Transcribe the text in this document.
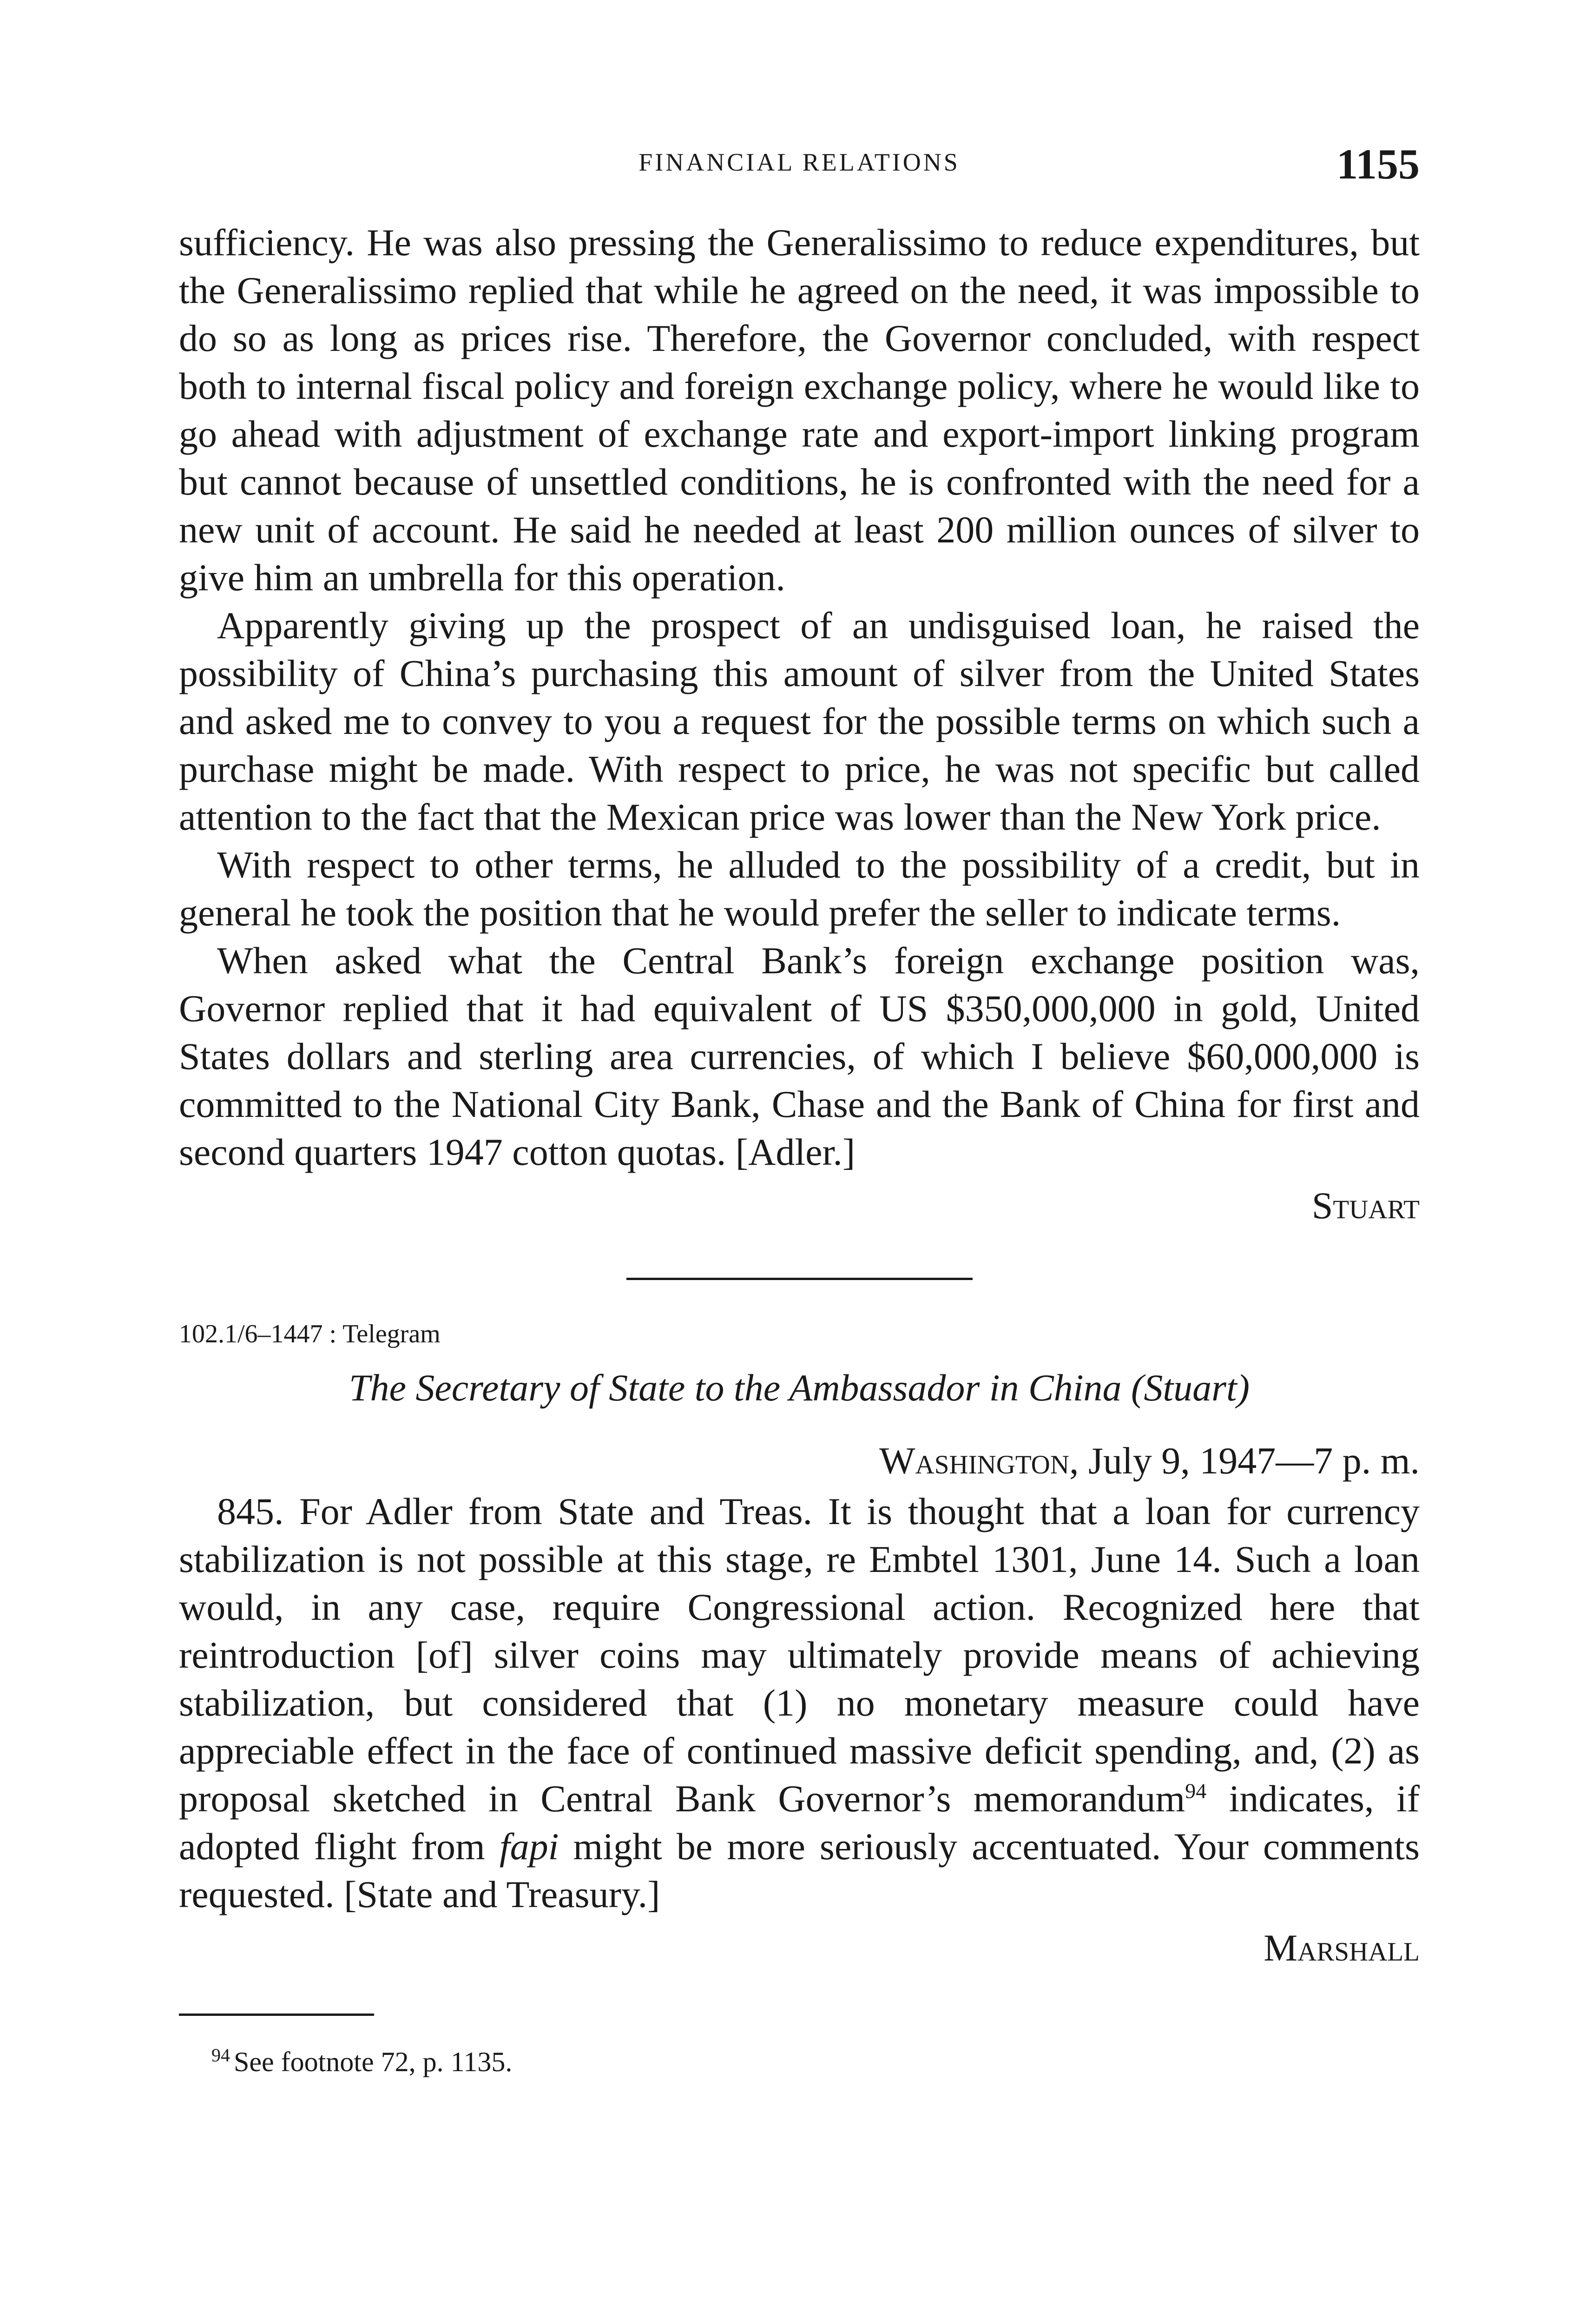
FINANCIAL RELATIONS	1155

sufficiency. He was also pressing the Generalissimo to reduce expenditures, but the Generalissimo replied that while he agreed on the need, it was impossible to do so as long as prices rise. Therefore, the Governor concluded, with respect both to internal fiscal policy and foreign exchange policy, where he would like to go ahead with adjustment of exchange rate and export-import linking program but cannot because of unsettled conditions, he is confronted with the need for a new unit of account. He said he needed at least 200 million ounces of silver to give him an umbrella for this operation.

Apparently giving up the prospect of an undisguised loan, he raised the possibility of China’s purchasing this amount of silver from the United States and asked me to convey to you a request for the possible terms on which such a purchase might be made. With respect to price, he was not specific but called attention to the fact that the Mexican price was lower than the New York price.

With respect to other terms, he alluded to the possibility of a credit, but in general he took the position that he would prefer the seller to indicate terms.

When asked what the Central Bank’s foreign exchange position was, Governor replied that it had equivalent of US $350,000,000 in gold, United States dollars and sterling area currencies, of which I believe $60,000,000 is committed to the National City Bank, Chase and the Bank of China for first and second quarters 1947 cotton quotas. [Adler.]

Stuart
102.1/6–1447 : Telegram
The Secretary of State to the Ambassador in China (Stuart)
Washington, July 9, 1947—7 p. m.

845. For Adler from State and Treas. It is thought that a loan for currency stabilization is not possible at this stage, re Embtel 1301, June 14. Such a loan would, in any case, require Congressional action. Recognized here that reintroduction [of] silver coins may ultimately provide means of achieving stabilization, but considered that (1) no monetary measure could have appreciable effect in the face of continued massive deficit spending, and, (2) as proposal sketched in Central Bank Governor’s memorandum$^{94}$ indicates, if adopted flight from fapi might be more seriously accentuated. Your comments requested. [State and Treasury.]

Marshall
$^{94}$ See footnote 72, p. 1135.
